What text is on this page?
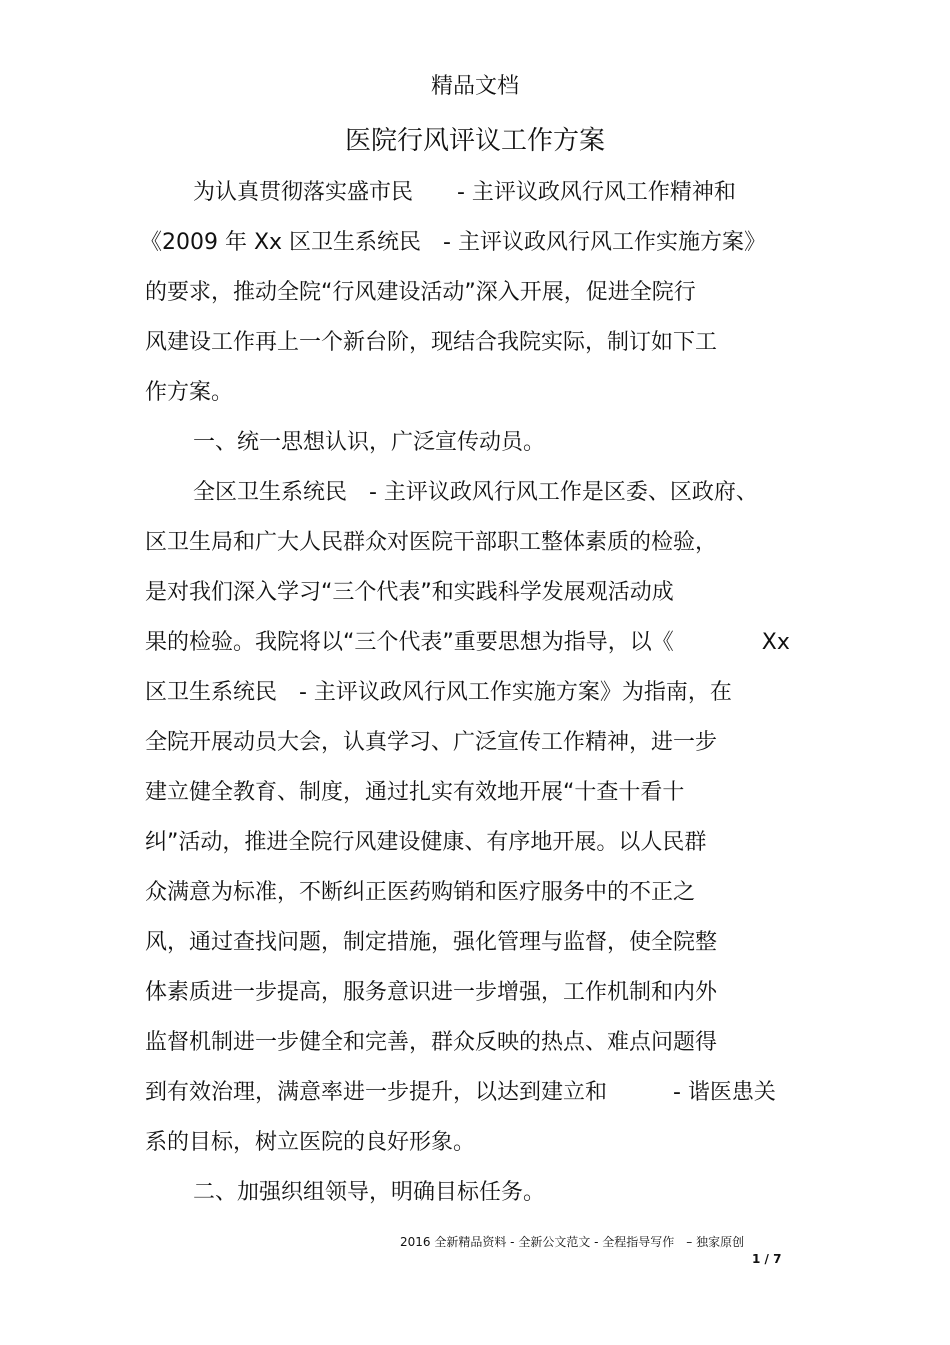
精品文档
医院行风评议工作方案
为认真贯彻落实盛市民　　- 主评议政风行风工作精神和
《2009 年 Xx 区卫生系统民　- 主评议政风行风工作实施方案》
的要求，推动全院“行风建设活动”深入开展，促进全院行
风建设工作再上一个新台阶，现结合我院实际，制订如下工
作方案。
一、统一思想认识，广泛宣传动员。
全区卫生系统民　- 主评议政风行风工作是区委、区政府、
区卫生局和广大人民群众对医院干部职工整体素质的检验，
是对我们深入学习“三个代表”和实践科学发展观活动成
果的检验。我院将以“三个代表”重要思想为指导，以《　　　　Xx
区卫生系统民　- 主评议政风行风工作实施方案》为指南，在
全院开展动员大会，认真学习、广泛宣传工作精神，进一步
建立健全教育、制度，通过扎实有效地开展“十查十看十
纠”活动，推进全院行风建设健康、有序地开展。以人民群
众满意为标准，不断纠正医药购销和医疗服务中的不正之
风，通过查找问题，制定措施，强化管理与监督，使全院整
体素质进一步提高，服务意识进一步增强，工作机制和内外
监督机制进一步健全和完善，群众反映的热点、难点问题得
到有效治理，满意率进一步提升，以达到建立和　　　- 谐医患关
系的目标，树立医院的良好形象。
二、加强织组领导，明确目标任务。
2016 全新精品资料 - 全新公文范文 - 全程指导写作　– 独家原创
1 / 7
